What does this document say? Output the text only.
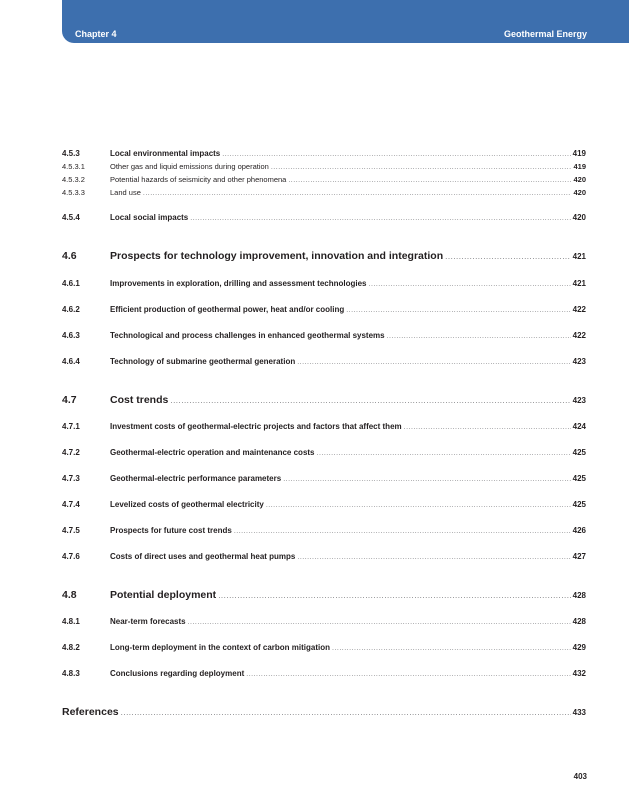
Chapter 4	Geothermal Energy
4.5.3	Local environmental impacts .....	419
4.5.3.1	Other gas and liquid emissions during operation .....	419
4.5.3.2	Potential hazards of seismicity and other phenomena .....	420
4.5.3.3	Land use .....	420
4.5.4	Local social impacts .....	420
4.6	Prospects for technology improvement, innovation and integration .....	421
4.6.1	Improvements in exploration, drilling and assessment technologies .....	421
4.6.2	Efficient production of geothermal power, heat and/or cooling .....	422
4.6.3	Technological and process challenges in enhanced geothermal systems .....	422
4.6.4	Technology of submarine geothermal generation .....	423
4.7	Cost trends .....	423
4.7.1	Investment costs of geothermal-electric projects and factors that affect them .....	424
4.7.2	Geothermal-electric operation and maintenance costs .....	425
4.7.3	Geothermal-electric performance parameters .....	425
4.7.4	Levelized costs of geothermal electricity .....	425
4.7.5	Prospects for future cost trends .....	426
4.7.6	Costs of direct uses and geothermal heat pumps .....	427
4.8	Potential deployment .....	428
4.8.1	Near-term forecasts .....	428
4.8.2	Long-term deployment in the context of carbon mitigation .....	429
4.8.3	Conclusions regarding deployment .....	432
References .....	433
403
